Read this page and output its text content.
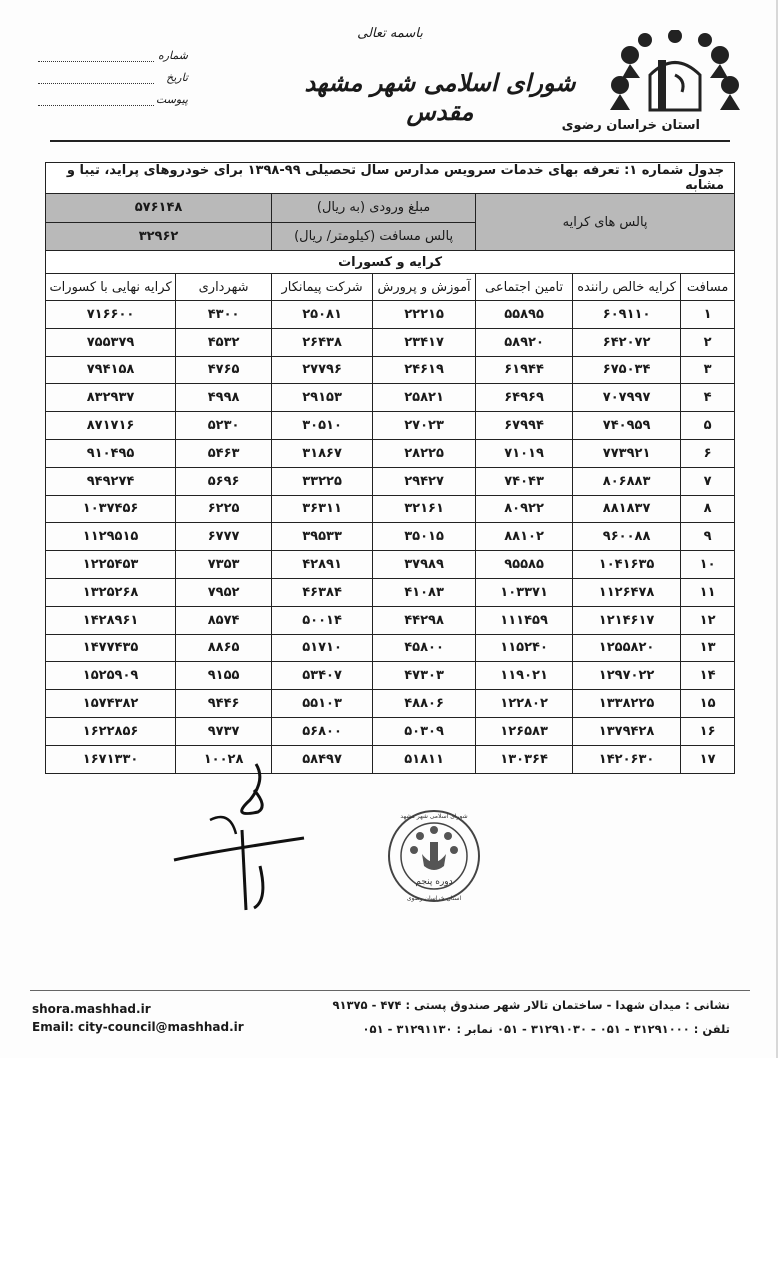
باسمه تعالی
شماره
تاریخ
پیوست
شورای اسلامی شهر مشهد مقدس	استان خراسان رضوی
جدول شماره ۱: تعرفه بهای خدمات سرویس مدارس سال تحصیلی ۹۹-۱۳۹۸ برای خودروهای پراید، تیبا و مشابه						
پالس های کرایه			مبلغ ورودی (به ریال)		۵۷۶۱۴۸	
			پالس مسافت (کیلومتر/ ریال)		۳۲۹۶۲	
کرایه و کسورات						
مسافت	کرایه خالص راننده	تامین اجتماعی	آموزش و پرورش	شرکت پیمانکار	شهرداری	کرایه نهایی با کسورات
۱	۶۰۹۱۱۰	۵۵۸۹۵	۲۲۲۱۵	۲۵۰۸۱	۴۳۰۰	۷۱۶۶۰۰
۲	۶۴۲۰۷۲	۵۸۹۲۰	۲۳۴۱۷	۲۶۴۳۸	۴۵۳۲	۷۵۵۳۷۹
۳	۶۷۵۰۳۴	۶۱۹۴۴	۲۴۶۱۹	۲۷۷۹۶	۴۷۶۵	۷۹۴۱۵۸
۴	۷۰۷۹۹۷	۶۴۹۶۹	۲۵۸۲۱	۲۹۱۵۳	۴۹۹۸	۸۳۲۹۳۷
۵	۷۴۰۹۵۹	۶۷۹۹۴	۲۷۰۲۳	۳۰۵۱۰	۵۲۳۰	۸۷۱۷۱۶
۶	۷۷۳۹۲۱	۷۱۰۱۹	۲۸۲۲۵	۳۱۸۶۷	۵۴۶۳	۹۱۰۴۹۵
۷	۸۰۶۸۸۳	۷۴۰۴۳	۲۹۴۲۷	۳۳۲۲۵	۵۶۹۶	۹۴۹۲۷۴
۸	۸۸۱۸۳۷	۸۰۹۲۲	۳۲۱۶۱	۳۶۳۱۱	۶۲۲۵	۱۰۳۷۴۵۶
۹	۹۶۰۰۸۸	۸۸۱۰۲	۳۵۰۱۵	۳۹۵۳۳	۶۷۷۷	۱۱۲۹۵۱۵
۱۰	۱۰۴۱۶۳۵	۹۵۵۸۵	۳۷۹۸۹	۴۲۸۹۱	۷۳۵۳	۱۲۲۵۴۵۳
۱۱	۱۱۲۶۴۷۸	۱۰۳۳۷۱	۴۱۰۸۳	۴۶۳۸۴	۷۹۵۲	۱۳۲۵۲۶۸
۱۲	۱۲۱۴۶۱۷	۱۱۱۴۵۹	۴۴۲۹۸	۵۰۰۱۴	۸۵۷۴	۱۴۲۸۹۶۱
۱۳	۱۲۵۵۸۲۰	۱۱۵۲۴۰	۴۵۸۰۰	۵۱۷۱۰	۸۸۶۵	۱۴۷۷۴۳۵
۱۴	۱۲۹۷۰۲۲	۱۱۹۰۲۱	۴۷۳۰۳	۵۳۴۰۷	۹۱۵۵	۱۵۲۵۹۰۹
۱۵	۱۳۳۸۲۲۵	۱۲۲۸۰۲	۴۸۸۰۶	۵۵۱۰۳	۹۴۴۶	۱۵۷۴۳۸۲
۱۶	۱۳۷۹۴۲۸	۱۲۶۵۸۳	۵۰۳۰۹	۵۶۸۰۰	۹۷۳۷	۱۶۲۲۸۵۶
۱۷	۱۴۲۰۶۳۰	۱۳۰۳۶۴	۵۱۸۱۱	۵۸۴۹۷	۱۰۰۲۸	۱۶۷۱۳۳۰
دوره پنجم
شورای اسلامی شهر مشهد
استان خراسان رضوی
shora.mashhad.ir
Email: city-council@mashhad.ir
نشانی : میدان شهدا - ساختمان تالار شهر صندوق پستی : ۴۷۴ - ۹۱۳۷۵
تلفن : ۳۱۲۹۱۰۰۰ - ۰۵۱ - ۳۱۲۹۱۰۳۰ - ۰۵۱ نمابر : ۳۱۲۹۱۱۳۰ - ۰۵۱
